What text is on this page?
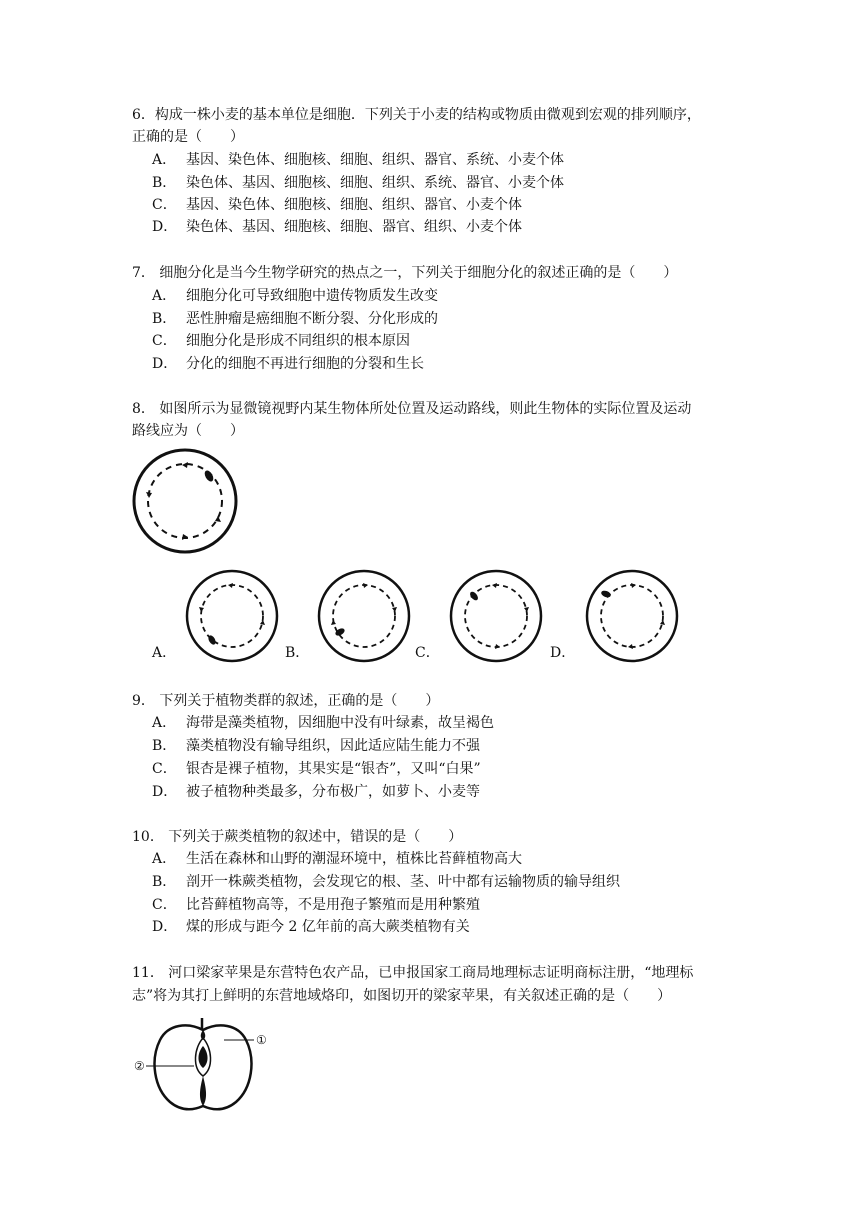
6．构成一株小麦的基本单位是细胞．下列关于小麦的结构或物质由微观到宏观的排列顺序，
正确的是（　　）
A． 基因、染色体、细胞核、细胞、组织、器官、系统、小麦个体
B． 染色体、基因、细胞核、细胞、组织、系统、器官、小麦个体
C． 基因、染色体、细胞核、细胞、组织、器官、小麦个体
D． 染色体、基因、细胞核、细胞、器官、组织、小麦个体
7． 细胞分化是当今生物学研究的热点之一，下列关于细胞分化的叙述正确的是（　　）
A． 细胞分化可导致细胞中遗传物质发生改变
B． 恶性肿瘤是癌细胞不断分裂、分化形成的
C． 细胞分化是形成不同组织的根本原因
D． 分化的细胞不再进行细胞的分裂和生长
8． 如图所示为显微镜视野内某生物体所处位置及运动路线，则此生物体的实际位置及运动
路线应为（　　）
A．	B．	C．	D．
9． 下列关于植物类群的叙述，正确的是（　　）
A． 海带是藻类植物，因细胞中没有叶绿素，故呈褐色
B． 藻类植物没有输导组织，因此适应陆生能力不强
C． 银杏是裸子植物，其果实是“银杏”，又叫“白果”
D． 被子植物种类最多，分布极广，如萝卜、小麦等
10． 下列关于蕨类植物的叙述中，错误的是（　　）
A． 生活在森林和山野的潮湿环境中，植株比苔藓植物高大
B． 剖开一株蕨类植物，会发现它的根、茎、叶中都有运输物质的输导组织
C． 比苔藓植物高等，不是用孢子繁殖而是用种繁殖
D． 煤的形成与距今 2 亿年前的高大蕨类植物有关
11． 河口梁家苹果是东营特色农产品，已申报国家工商局地理标志证明商标注册，“地理标
志”将为其打上鲜明的东营地域烙印，如图切开的梁家苹果，有关叙述正确的是（　　）
①
②
